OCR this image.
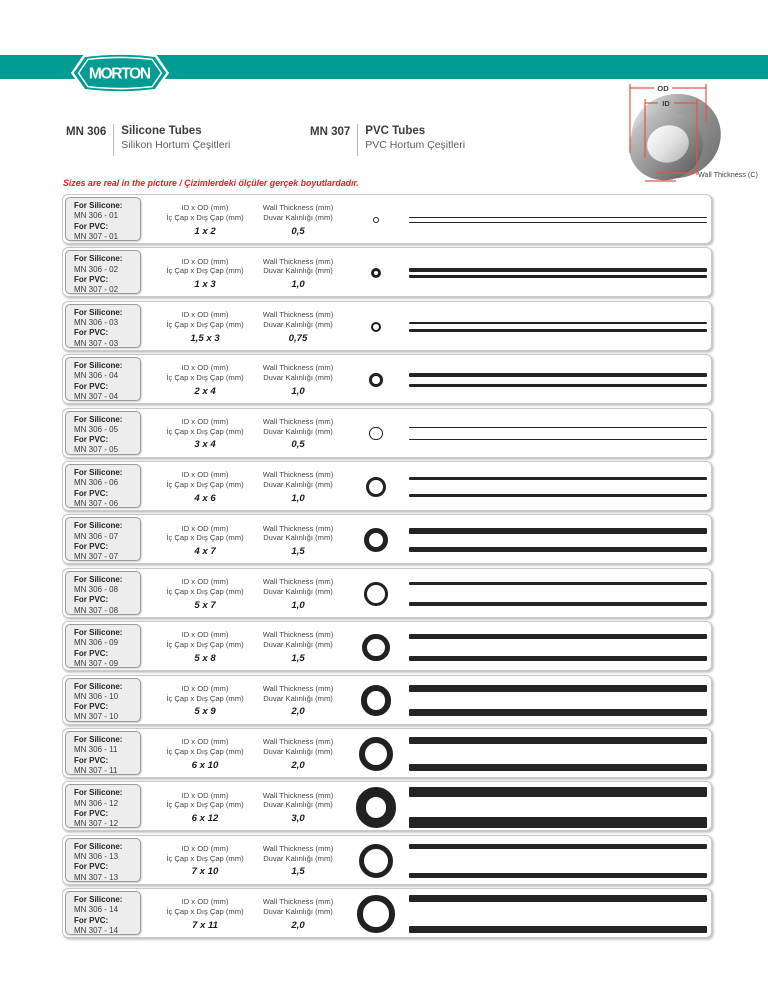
MORTON
MN 306 Silicone Tubes
Silikon Hortum Çeşitleri
MN 307 PVC Tubes
PVC Hortum Çeşitleri
OD
ID
Wall Thickness (C)
Sizes are real in the picture / Çizimlerdeki ölçüler gerçek boyutlardadır.
For Silicone:
MN 306 - 01
For PVC:
MN 307 - 01
ID x OD (mm)
İç Çap x Dış Çap (mm)
1 x 2
Wall Thickness (mm)
Duvar Kalınlığı (mm)
0,5
For Silicone:
MN 306 - 02
For PVC:
MN 307 - 02
ID x OD (mm)
İç Çap x Dış Çap (mm)
1 x 3
Wall Thickness (mm)
Duvar Kalınlığı (mm)
1,0
For Silicone:
MN 306 - 03
For PVC:
MN 307 - 03
ID x OD (mm)
İç Çap x Dış Çap (mm)
1,5 x 3
Wall Thickness (mm)
Duvar Kalınlığı (mm)
0,75
For Silicone:
MN 306 - 04
For PVC:
MN 307 - 04
ID x OD (mm)
İç Çap x Dış Çap (mm)
2 x 4
Wall Thickness (mm)
Duvar Kalınlığı (mm)
1,0
For Silicone:
MN 306 - 05
For PVC:
MN 307 - 05
ID x OD (mm)
İç Çap x Dış Çap (mm)
3 x 4
Wall Thickness (mm)
Duvar Kalınlığı (mm)
0,5
For Silicone:
MN 306 - 06
For PVC:
MN 307 - 06
ID x OD (mm)
İç Çap x Dış Çap (mm)
4 x 6
Wall Thickness (mm)
Duvar Kalınlığı (mm)
1,0
For Silicone:
MN 306 - 07
For PVC:
MN 307 - 07
ID x OD (mm)
İç Çap x Dış Çap (mm)
4 x 7
Wall Thickness (mm)
Duvar Kalınlığı (mm)
1,5
For Silicone:
MN 306 - 08
For PVC:
MN 307 - 08
ID x OD (mm)
İç Çap x Dış Çap (mm)
5 x 7
Wall Thickness (mm)
Duvar Kalınlığı (mm)
1,0
For Silicone:
MN 306 - 09
For PVC:
MN 307 - 09
ID x OD (mm)
İç Çap x Dış Çap (mm)
5 x 8
Wall Thickness (mm)
Duvar Kalınlığı (mm)
1,5
For Silicone:
MN 306 - 10
For PVC:
MN 307 - 10
ID x OD (mm)
İç Çap x Dış Çap (mm)
5 x 9
Wall Thickness (mm)
Duvar Kalınlığı (mm)
2,0
For Silicone:
MN 306 - 11
For PVC:
MN 307 - 11
ID x OD (mm)
İç Çap x Dış Çap (mm)
6 x 10
Wall Thickness (mm)
Duvar Kalınlığı (mm)
2,0
For Silicone:
MN 306 - 12
For PVC:
MN 307 - 12
ID x OD (mm)
İç Çap x Dış Çap (mm)
6 x 12
Wall Thickness (mm)
Duvar Kalınlığı (mm)
3,0
For Silicone:
MN 306 - 13
For PVC:
MN 307 - 13
ID x OD (mm)
İç Çap x Dış Çap (mm)
7 x 10
Wall Thickness (mm)
Duvar Kalınlığı (mm)
1,5
For Silicone:
MN 306 - 14
For PVC:
MN 307 - 14
ID x OD (mm)
İç Çap x Dış Çap (mm)
7 x 11
Wall Thickness (mm)
Duvar Kalınlığı (mm)
2,0
